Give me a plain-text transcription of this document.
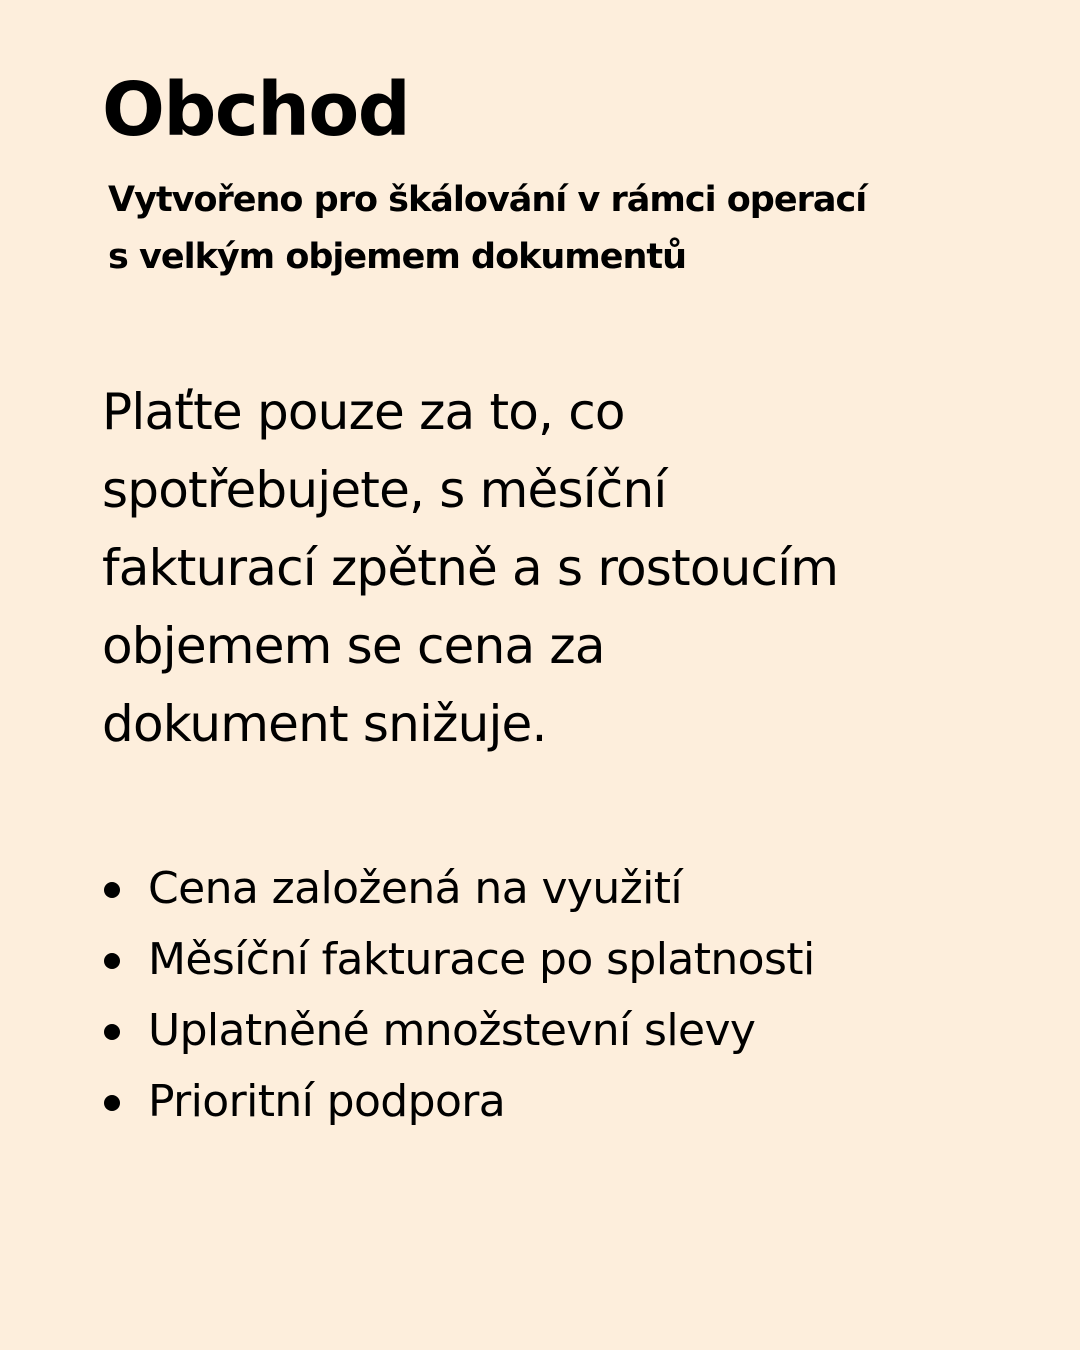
Obchod

Vytvořeno pro škálování v rámci operací
s velkým objemem dokumentů

Plaťte pouze za to, co
spotřebujete, s měsíční
fakturací zpětně a s rostoucím
objemem se cena za
dokument snižuje.

Cena založená na využití
Měsíční fakturace po splatnosti
Uplatněné množstevní slevy
Prioritní podpora
